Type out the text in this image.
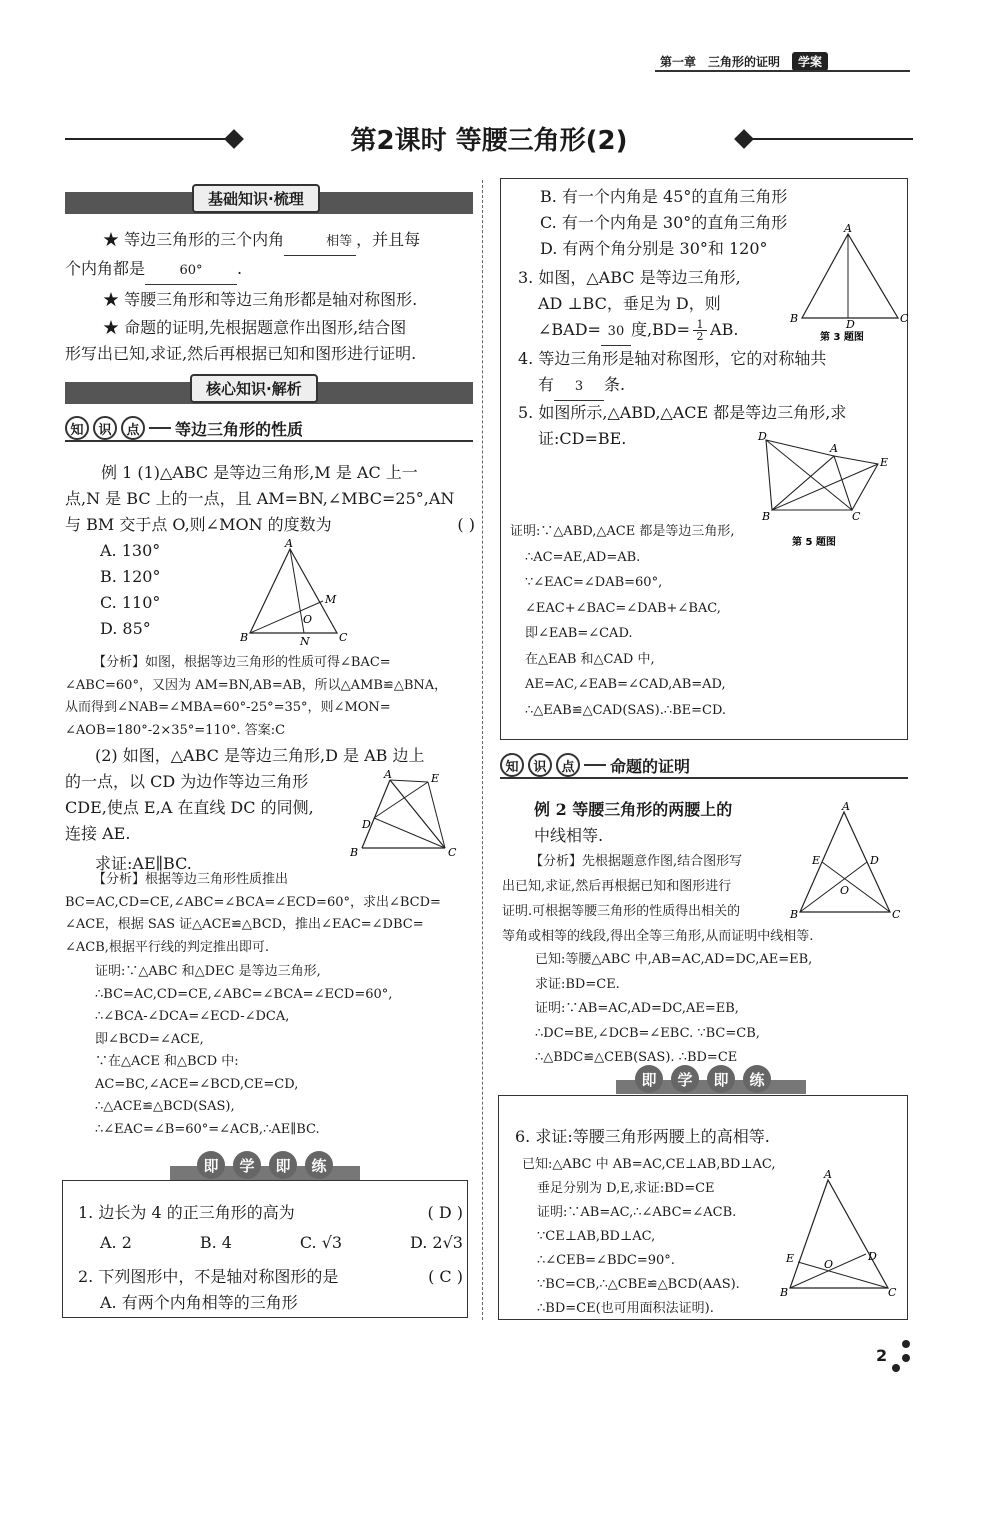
第一章 三角形的证明	学案
第2课时 等腰三角形(2)
基础知识·梳理

★ 等边三角形的三个内角	相等 ，并且每

个内角都是	60° .

★ 等腰三角形和等边三角形都是轴对称图形.

★ 命题的证明,先根据题意作出图形,结合图

形写出已知,求证,然后再根据已知和图形进行证明.

核心知识·解析
知	识	点	等边三角形的性质

例 1 (1)△ABC 是等边三角形,M 是 AC 上一

点,N 是 BC 上的一点，且 AM=BN,∠MBC=25°,AN

与 BM 交于点 O,则∠MON 的度数为	( )

A. 130°

B. 120°

C. 110°

D. 85°

A
B	C
M
N
O
【分析】如图，根据等边三角形的性质可得∠BAC=
∠ABC=60°，又因为 AM=BN,AB=AB，所以△AMB≌△BNA，
从而得到∠NAB=∠MBA=60°-25°=35°，则∠MON=
∠AOB=180°-2×35°=110°. 答案:C

(2) 如图，△ABC 是等边三角形,D 是 AB 边上

的一点，以 CD 为边作等边三角形

CDE,使点 E,A 在直线 DC 的同侧,

连接 AE.

求证:AE∥BC.

A	E
D
B	C
【分析】根据等边三角形性质推出
BC=AC,CD=CE,∠ABC=∠BCA=∠ECD=60°，求出∠BCD=
∠ACE，根据 SAS 证△ACE≌△BCD，推出∠EAC=∠DBC=
∠ACB,根据平行线的判定推出即可.
证明:∵△ABC 和△DEC 是等边三角形,
∴BC=AC,CD=CE,∠ABC=∠BCA=∠ECD=60°,
∴∠BCA-∠DCA=∠ECD-∠DCA,
即∠BCD=∠ACE,
∵在△ACE 和△BCD 中:
AC=BC,∠ACE=∠BCD,CE=CD,
∴△ACE≌△BCD(SAS),
∴∠EAC=∠B=60°=∠ACB,∴AE∥BC.
即	学	即	练

1. 边长为 4 的正三角形的高为	( D )

A. 2	B. 4	C. √3	D. 2√3

2. 下列图形中，不是轴对称图形的是	( C )

A. 有两个内角相等的三角形

B. 有一个内角是 45°的直角三角形

C. 有一个内角是 30°的直角三角形

D. 有两个角分别是 30°和 120°

3. 如图，△ABC 是等边三角形,

AD ⊥BC，垂足为 D，则

∠BAD= 30 度$,BD= \frac{1}{2}$ AB.

A
B	C
D
第 3 题图

4. 等边三角形是轴对称图形，它的对称轴共

有 3 条.

5. 如图所示,△ABD,△ACE 都是等边三角形,求

证:CD=BE.	D
A
E
B	C
第 5 题图
证明:∵△ABD,△ACE 都是等边三角形,
∴AC=AE,AD=AB.
∵∠EAC=∠DAB=60°,
∠EAC+∠BAC=∠DAB+∠BAC,
即∠EAB=∠CAD.
在△EAB 和△CAD 中,
AE=AC,∠EAB=∠CAD,AB=AD,
∴△EAB≌△CAD(SAS).∴BE=CD.
知	识	点	命题的证明

例 2 等腰三角形的两腰上的

中线相等.

A
E	D
O
B	C
【分析】先根据题意作图,结合图形写
出已知,求证,然后再根据已知和图形进行
证明.可根据等腰三角形的性质得出相关的
等角或相等的线段,得出全等三角形,从而证明中线相等.
已知:等腰△ABC 中,AB=AC,AD=DC,AE=EB,
求证:BD=CE.
证明:∵AB=AC,AD=DC,AE=EB,
∴DC=BE,∠DCB=∠EBC. ∵BC=CB,
∴△BDC≌△CEB(SAS). ∴BD=CE
即	学	即	练

6. 求证:等腰三角形两腰上的高相等.

已知:△ABC 中 AB=AC,CE⊥AB,BD⊥AC,
垂足分别为 D,E,求证:BD=CE
证明:∵AB=AC,∴∠ABC=∠ACB.
∵CE⊥AB,BD⊥AC,
∴∠CEB=∠BDC=90°.
∵BC=CB,∴△CBE≌△BCD(AAS).
∴BD=CE(也可用面积法证明).
A
E	D
O
B	C
2
